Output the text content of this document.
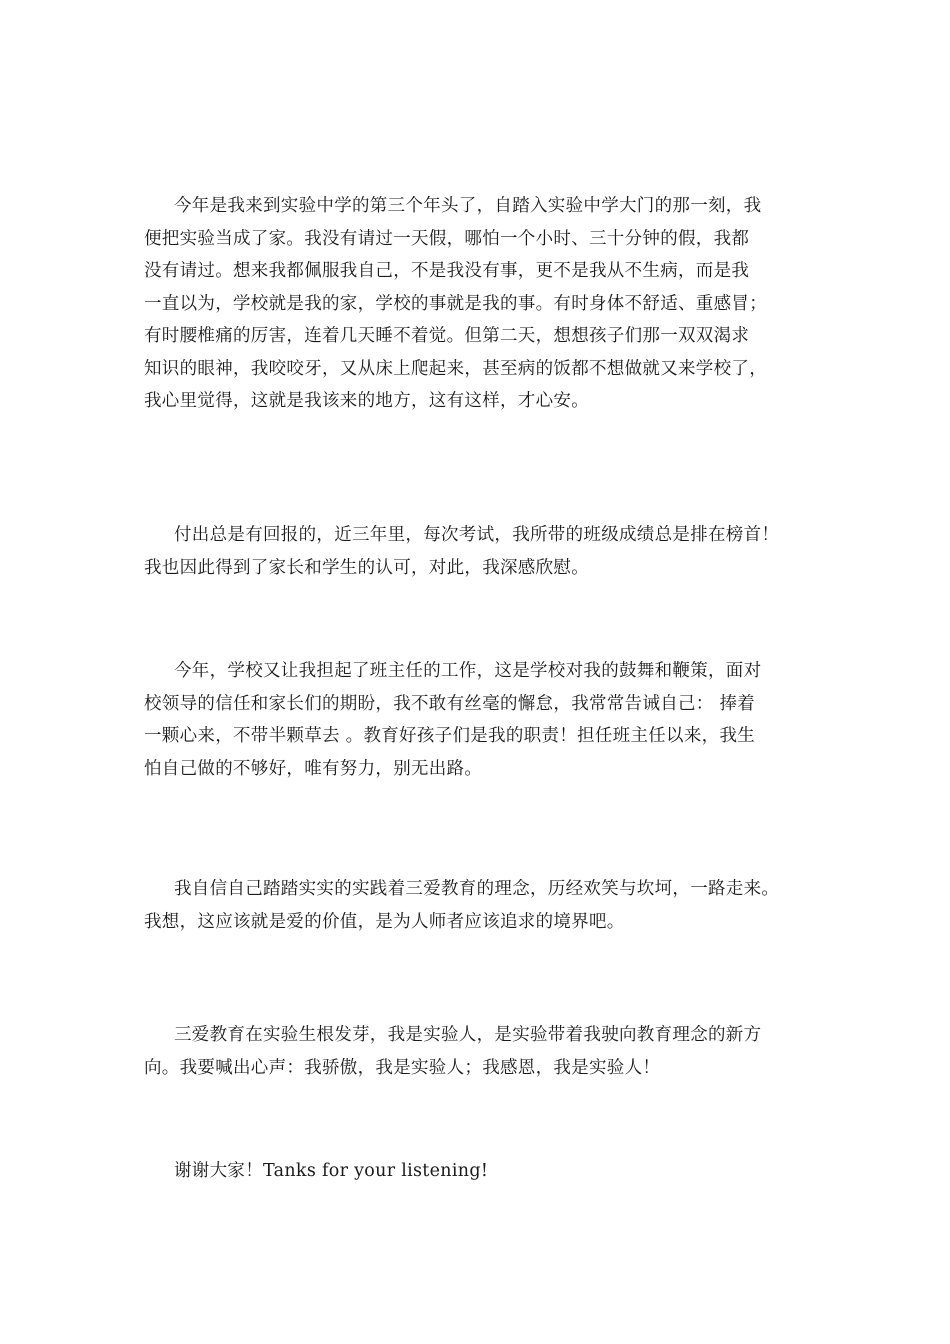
今年是我来到实验中学的第三个年头了，自踏入实验中学大门的那一刻，我
便把实验当成了家。我没有请过一天假，哪怕一个小时、三十分钟的假，我都
没有请过。想来我都佩服我自己，不是我没有事，更不是我从不生病，而是我
一直以为，学校就是我的家，学校的事就是我的事。有时身体不舒适、重感冒；
有时腰椎痛的厉害，连着几天睡不着觉。但第二天，想想孩子们那一双双渴求
知识的眼神，我咬咬牙，又从床上爬起来，甚至病的饭都不想做就又来学校了，
我心里觉得，这就是我该来的地方，这有这样，才心安。
付出总是有回报的，近三年里，每次考试，我所带的班级成绩总是排在榜首！
我也因此得到了家长和学生的认可，对此，我深感欣慰。
今年，学校又让我担起了班主任的工作，这是学校对我的鼓舞和鞭策，面对
校领导的信任和家长们的期盼，我不敢有丝毫的懈怠，我常常告诫自己： 捧着
一颗心来，不带半颗草去 。教育好孩子们是我的职责！担任班主任以来，我生
怕自己做的不够好，唯有努力，别无出路。
我自信自己踏踏实实的实践着三爱教育的理念，历经欢笑与坎坷，一路走来。
我想，这应该就是爱的价值，是为人师者应该追求的境界吧。
三爱教育在实验生根发芽，我是实验人，是实验带着我驶向教育理念的新方
向。我要喊出心声：我骄傲，我是实验人；我感恩，我是实验人！
谢谢大家！Tanks for your listening!
